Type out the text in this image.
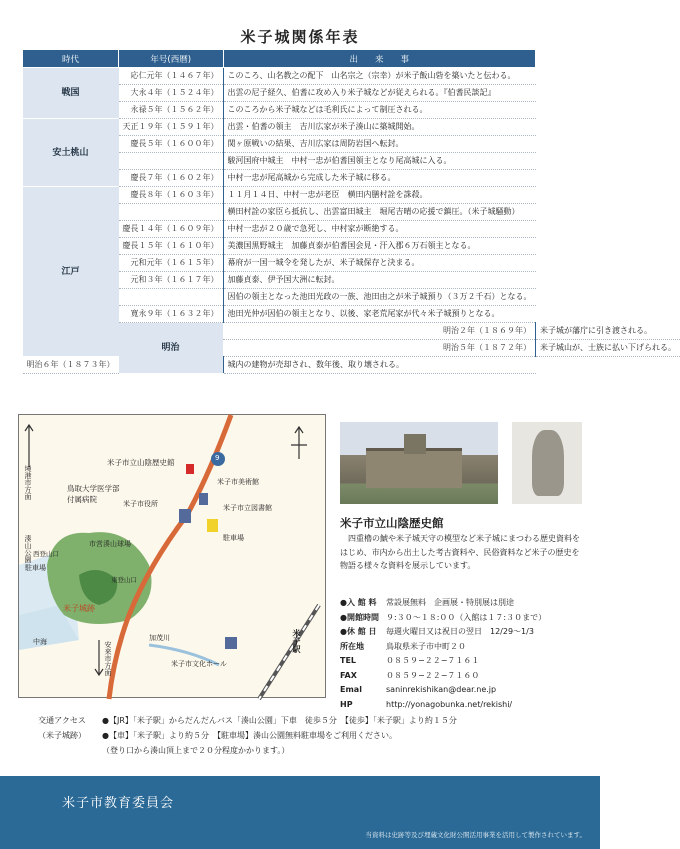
米子城関係年表
時代	年号(西暦)	出　　来　　事	
戦国	応仁元年（１４６７年）	このころ、山名教之の配下　山名宗之（宗幸）が米子飯山砦を築いたと伝わる。	
	大永４年（１５２４年）	出雲の尼子経久、伯耆に攻め入り米子城などが従えられる。『伯耆民談記』	
	永禄５年（１５６２年）	このころから米子城などは毛利氏によって制圧される。	
安土桃山	天正１９年（１５９１年）	出雲・伯耆の領主　吉川広家が米子湊山に築城開始。	
	慶長５年（１６００年）	関ヶ原戦いの結果、吉川広家は周防岩国へ転封。	
		駿河国府中城主　中村一忠が伯耆国領主となり尾高城に入る。	
	慶長７年（１６０２年）	中村一忠が尾高城から完成した米子城に移る。	
江戸	慶長８年（１６０３年）	１１月１４日、中村一忠が老臣　横田内膳村詮を誅殺。	
		横田村詮の家臣ら抵抗し、出雲富田城主　堀尾吉晴の応援で鎮圧。（米子城騒動）	
	慶長１４年（１６０９年）	中村一忠が２０歳で急死し、中村家が断絶する。	
	慶長１５年（１６１０年）	美濃国黒野城主　加藤貞泰が伯耆国会見・汗入郡６万石領主となる。	
	元和元年（１６１５年）	幕府が一国一城令を発したが、米子城保存と決まる。	
	元和３年（１６１７年）	加藤貞泰、伊予国大洲に転封。	
		因伯の領主となった池田光政の一族、池田由之が米子城預り（３万２千石）となる。	
	寛永９年（１６３２年）	池田光仲が因伯の領主となり、以後、家老荒尾家が代々米子城預りとなる。	
	明治	明治２年（１８６９年）	米子城が藩庁に引き渡される。
		明治５年（１８７２年）	米子城山が、士族に払い下げられる。
明治６年（１８７３年）		城内の建物が売却され、数年後、取り壊される。	
境港市方面
湊山公園
鳥取大学医学部
付属病院
米子市立山陰歴史館
米子市美術館
米子市役所	米子市立図書館
駐車場
西登山口
駐車場
市営湊山球場
東登山口
米子城跡
加茂川
中海	安来市方面	米子市文化ホール
米子駅
9
米子市立山陰歴史館
四重櫓の鯱や米子城天守の模型など米子城にまつわる歴史資料をはじめ、市内から出土した考古資料や、民俗資料など米子の歴史を物語る様々な資料を展示しています。
●入 館 料	常設展無料　企画展・特別展は別途
●開館時間 ９:３０～１８:００（入館は１７:３０まで）
●休 館 日	毎週火曜日又は祝日の翌日　12/29～1/3
所在地	鳥取県米子市中町２０
TEL	０８５９−２２−７１６１
FAX	０８５９−２２−７１６０
Emal	saninrekishikan@dear.ne.jp
HP	http://yonagobunka.net/rekishi/
交通アクセス	●【JR】「米子駅」からだんだんバス「湊山公園」下車　徒歩５分　【徒歩】「米子駅」より約１５分
（米子城跡）	●【車】「米子駅」より約５分　【駐車場】湊山公園無料駐車場をご利用ください。
（登り口から湊山頂上まで２０分程度かかります。）
米子市教育委員会
当資料は史跡等及び埋蔵文化財公開活用事業を活用して製作されています。
